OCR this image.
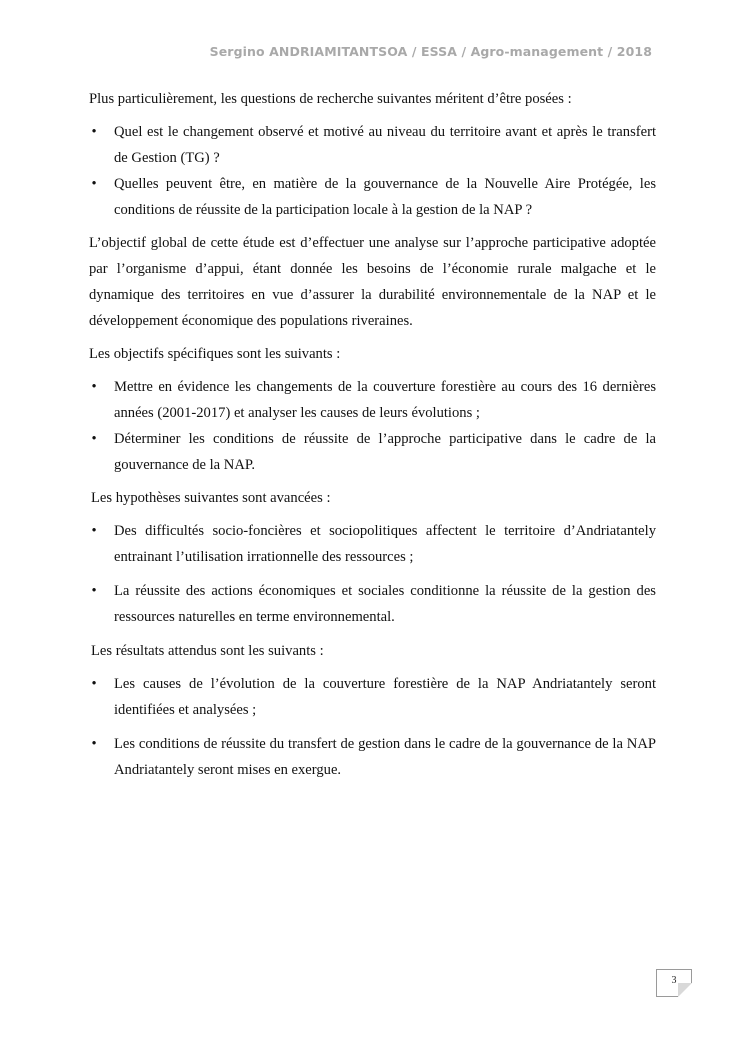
Sergino ANDRIAMITANTSOA / ESSA / Agro-management / 2018

Plus particulièrement, les questions de recherche suivantes méritent d’être posées :

• Quel est le changement observé et motivé au niveau du territoire avant et après le transfert de Gestion (TG) ?
• Quelles peuvent être, en matière de la gouvernance de la Nouvelle Aire Protégée, les conditions de réussite de la participation locale à la gestion de la NAP ?

L’objectif global de cette étude est d’effectuer une analyse sur l’approche participative adoptée par l’organisme d’appui, étant donnée les besoins de l’économie rurale malgache et le dynamique des territoires en vue d’assurer la durabilité environnementale de la NAP et le développement économique des populations riveraines.

Les objectifs spécifiques sont les suivants :

• Mettre en évidence les changements de la couverture forestière au cours des 16 dernières années (2001-2017) et analyser les causes de leurs évolutions ;
• Déterminer les conditions de réussite de l’approche participative dans le cadre de la gouvernance de la NAP.

Les hypothèses suivantes sont avancées :

• Des difficultés socio-foncières et sociopolitiques affectent le territoire d’Andriatantely entrainant l’utilisation irrationnelle des ressources ;
• La réussite des actions économiques et sociales conditionne la réussite de la gestion des ressources naturelles en terme environnemental.

Les résultats attendus sont les suivants :

• Les causes de l’évolution de la couverture forestière de la NAP Andriatantely seront identifiées et analysées ;
• Les conditions de réussite du transfert de gestion dans le cadre de la gouvernance de la NAP Andriatantely seront mises en exergue.
3
